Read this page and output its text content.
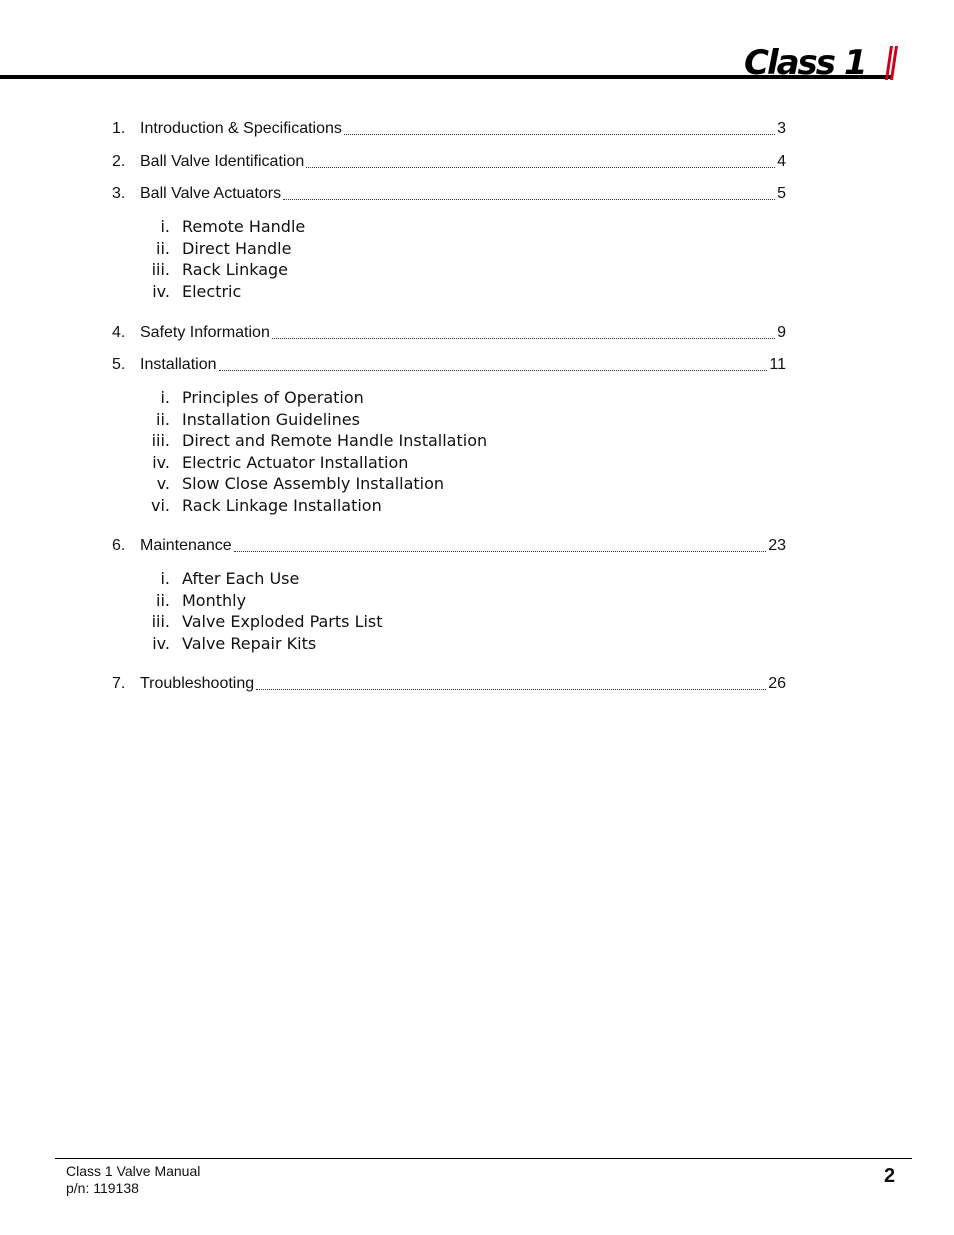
Class 1
1. Introduction & Specifications	3
2. Ball Valve Identification	4
3. Ball Valve Actuators	5
i. Remote Handle
ii. Direct Handle
iii. Rack Linkage
iv. Electric
4. Safety Information	9
5. Installation	11
i. Principles of Operation
ii. Installation Guidelines
iii. Direct and Remote Handle Installation
iv. Electric Actuator Installation
v. Slow Close Assembly Installation
vi. Rack Linkage Installation
6. Maintenance	23
i. After Each Use
ii. Monthly
iii. Valve Exploded Parts List
iv. Valve Repair Kits
7. Troubleshooting	26
Class 1 Valve Manual
p/n: 119138
2
